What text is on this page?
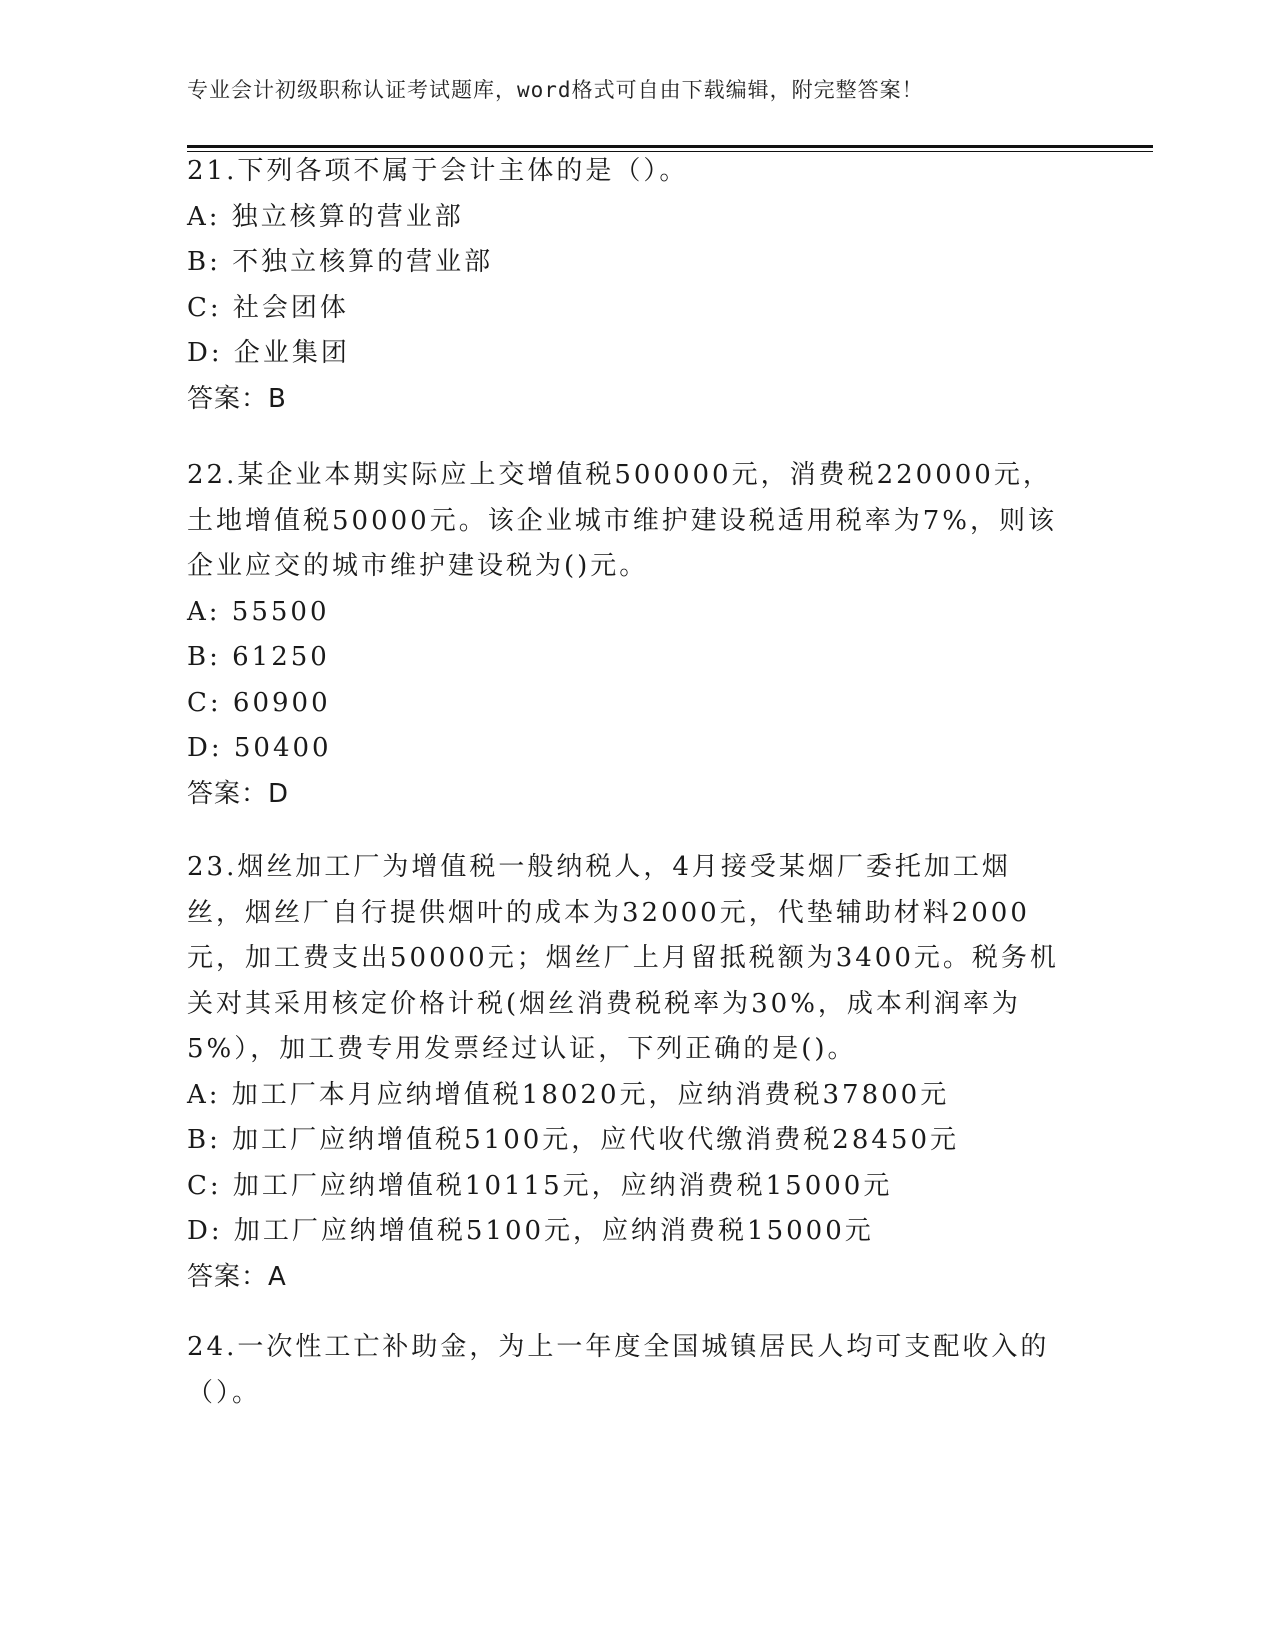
专业会计初级职称认证考试题库，word格式可自由下载编辑，附完整答案！
21.下列各项不属于会计主体的是（）。
A: 独立核算的营业部
B: 不独立核算的营业部
C: 社会团体
D: 企业集团
答案：B
22.某企业本期实际应上交增值税500000元，消费税220000元，土地增值税50000元。该企业城市维护建设税适用税率为7%，则该企业应交的城市维护建设税为()元。
A: 55500
B: 61250
C: 60900
D: 50400
答案：D
23.烟丝加工厂为增值税一般纳税人，4月接受某烟厂委托加工烟丝，烟丝厂自行提供烟叶的成本为32000元，代垫辅助材料2000元，加工费支出50000元；烟丝厂上月留抵税额为3400元。税务机关对其采用核定价格计税(烟丝消费税税率为30%，成本利润率为5%），加工费专用发票经过认证，下列正确的是()。
A: 加工厂本月应纳增值税18020元，应纳消费税37800元
B: 加工厂应纳增值税5100元，应代收代缴消费税28450元
C: 加工厂应纳增值税10115元，应纳消费税15000元
D: 加工厂应纳增值税5100元，应纳消费税15000元
答案：A
24.一次性工亡补助金，为上一年度全国城镇居民人均可支配收入的（）。
